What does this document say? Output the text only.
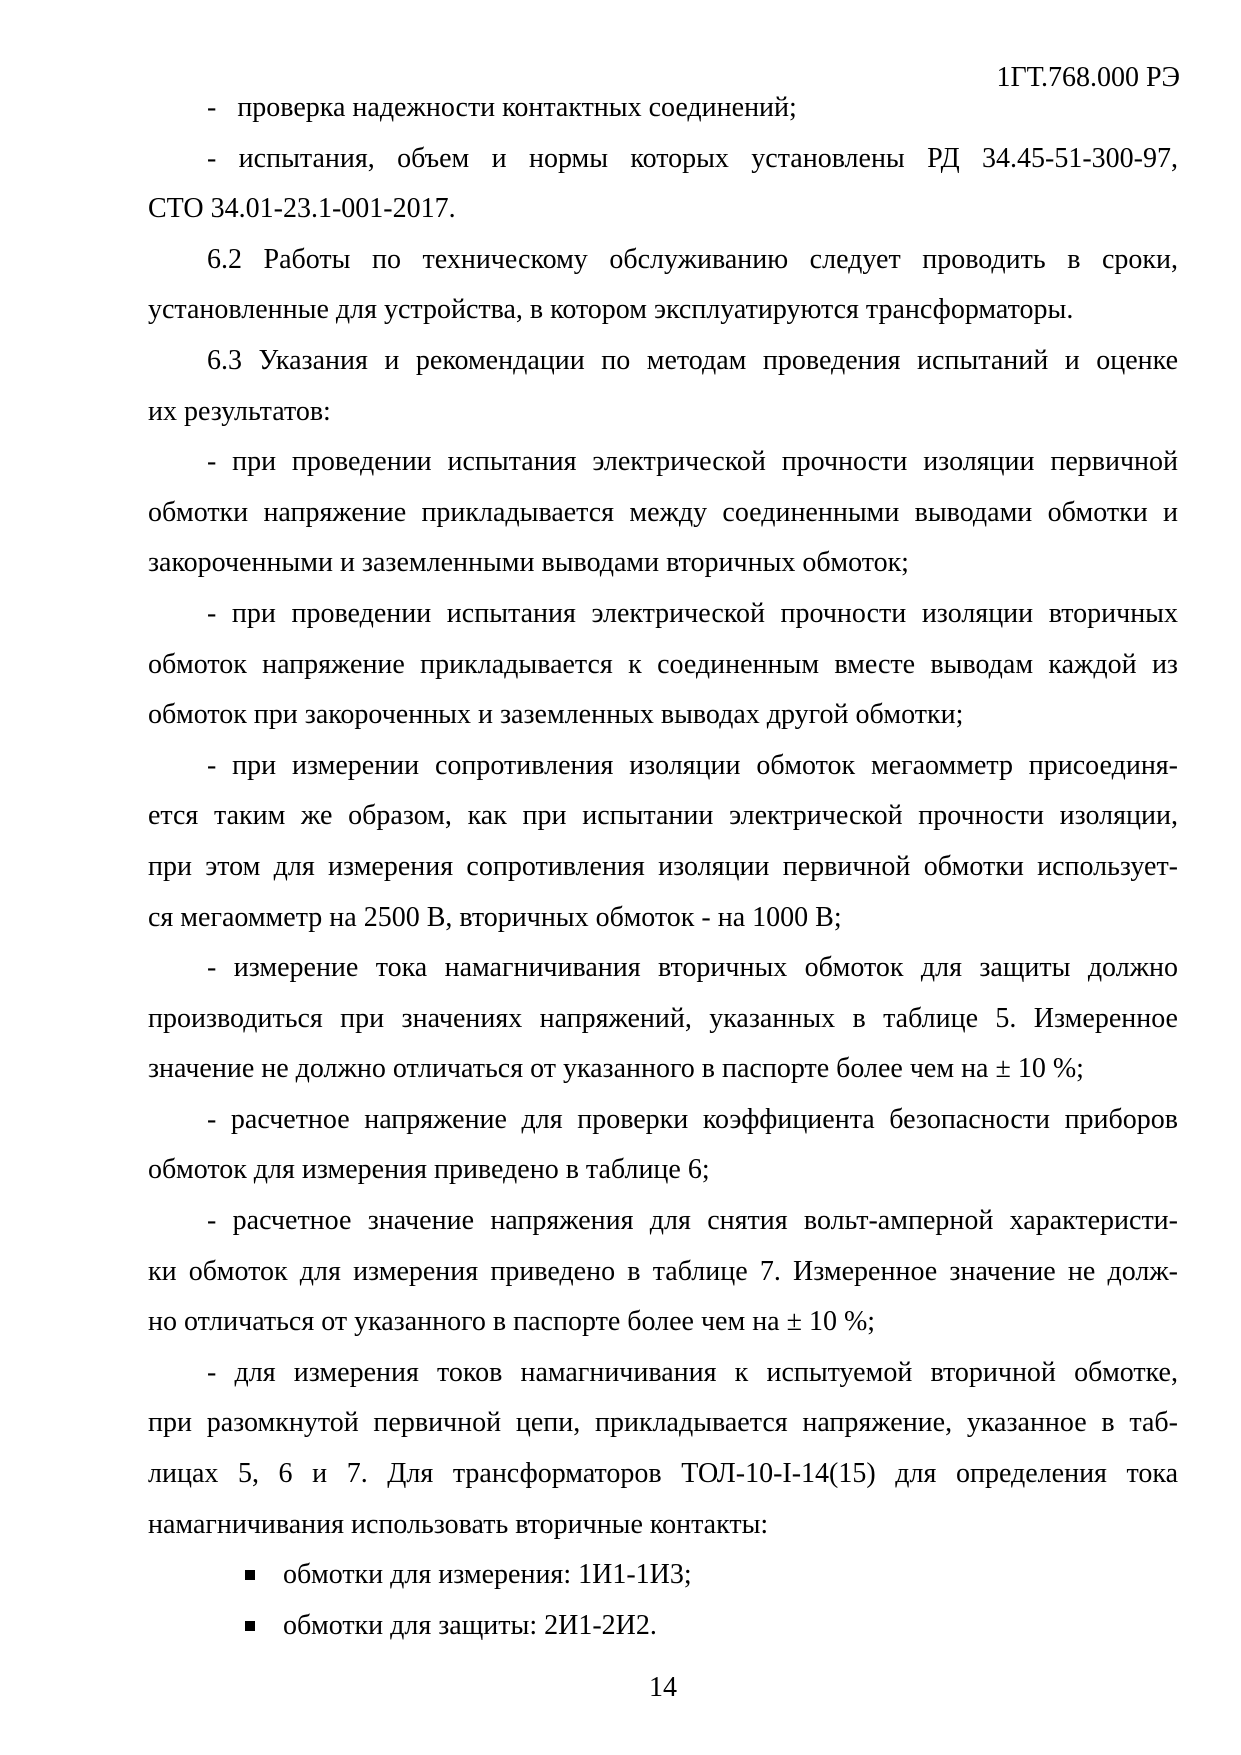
1ГТ.768.000 РЭ
-  проверка надежности контактных соединений;
- испытания, объем и нормы которых установлены РД 34.45-51-300-97,
СТО 34.01-23.1-001-2017.
6.2 Работы по техническому обслуживанию следует проводить в сроки,
установленные для устройства, в котором эксплуатируются трансформаторы.
6.3 Указания и рекомендации по методам проведения испытаний и оценке
их результатов:
- при проведении испытания электрической прочности изоляции первичной
обмотки напряжение прикладывается между соединенными выводами обмотки и
закороченными и заземленными выводами вторичных обмоток;
- при проведении испытания электрической прочности изоляции вторичных
обмоток напряжение прикладывается к соединенным вместе выводам каждой из
обмоток при закороченных и заземленных выводах другой обмотки;
- при измерении сопротивления изоляции обмоток мегаомметр присоединя-
ется таким же образом, как при испытании электрической прочности изоляции,
при этом для измерения сопротивления изоляции первичной обмотки использует-
ся мегаомметр на 2500 В, вторичных обмоток - на 1000 В;
- измерение тока намагничивания вторичных обмоток для защиты должно
производиться при значениях напряжений, указанных в таблице 5. Измеренное
значение не должно отличаться от указанного в паспорте более чем на ± 10 %;
- расчетное напряжение для проверки коэффициента безопасности приборов
обмоток для измерения приведено в таблице 6;
- расчетное значение напряжения для снятия вольт-амперной характеристи-
ки обмоток для измерения приведено в таблице 7. Измеренное значение не долж-
но отличаться от указанного в паспорте более чем на ± 10 %;
- для измерения токов намагничивания к испытуемой вторичной обмотке,
при разомкнутой первичной цепи, прикладывается напряжение, указанное в таб-
лицах 5, 6 и 7. Для трансформаторов ТОЛ-10-I-14(15) для определения тока
намагничивания использовать вторичные контакты:
обмотки для измерения: 1И1-1И3;
обмотки для защиты: 2И1-2И2.
14
